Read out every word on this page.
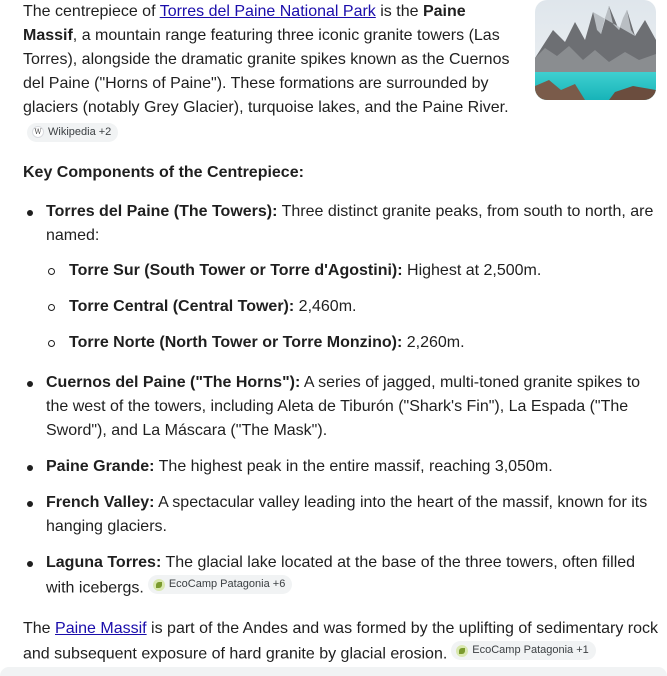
The centrepiece of Torres del Paine National Park is the Paine Massif, a mountain range featuring three iconic granite towers (Las Torres), alongside the dramatic granite spikes known as the Cuernos del Paine ("Horns of Paine"). These formations are surrounded by glaciers (notably Grey Glacier), turquoise lakes, and the Paine River.
W Wikipedia +2

Key Components of the Centrepiece:
Torres del Paine (The Towers): Three distinct granite peaks, from south to north, are named:
Torre Sur (South Tower or Torre d'Agostini): Highest at 2,500m.
Torre Central (Central Tower): 2,460m.
Torre Norte (North Tower or Torre Monzino): 2,260m.
Cuernos del Paine ("The Horns"): A series of jagged, multi-toned granite spikes to the west of the towers, including Aleta de Tiburón ("Shark's Fin"), La Espada ("The Sword"), and La Máscara ("The Mask").
Paine Grande: The highest peak in the entire massif, reaching 3,050m.
French Valley: A spectacular valley leading into the heart of the massif, known for its hanging glaciers.
Laguna Torres: The glacial lake located at the base of the three towers, often filled with icebergs. EcoCamp Patagonia +6

The Paine Massif is part of the Andes and was formed by the uplifting of sedimentary rock and subsequent exposure of hard granite by glacial erosion. EcoCamp Patagonia +1
